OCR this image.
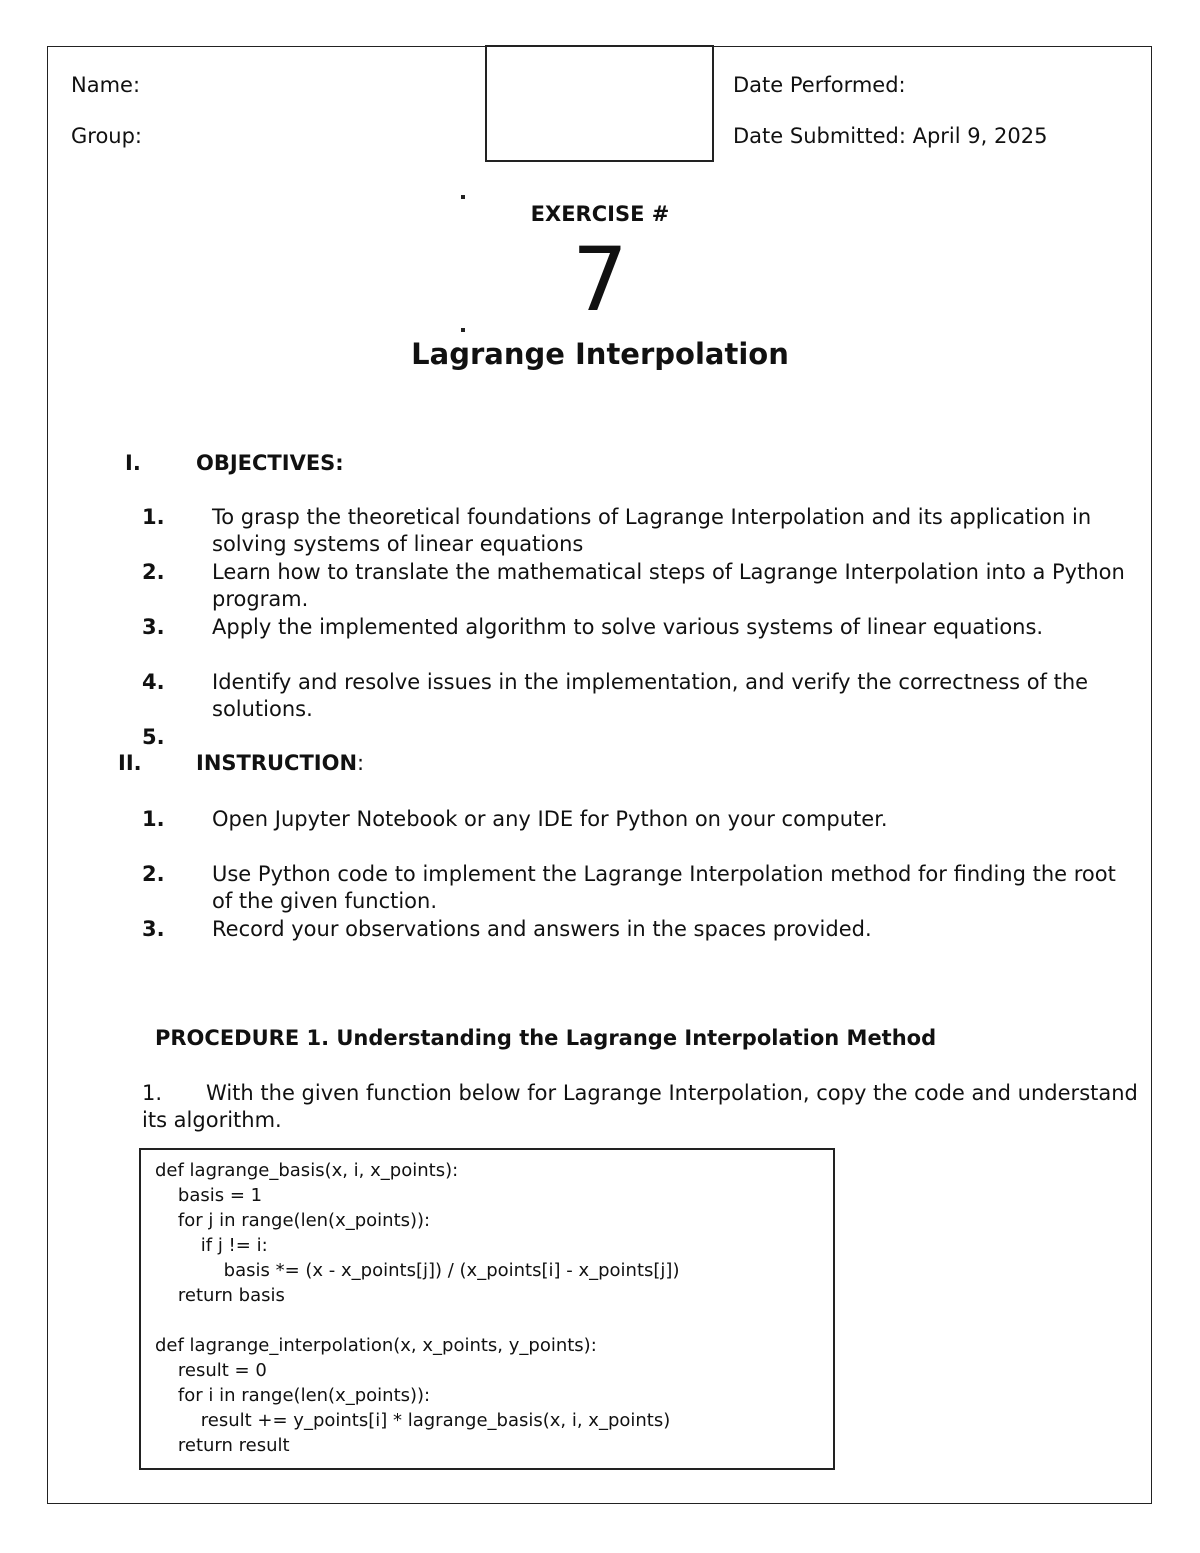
Name:
Group:
Date Performed:
Date Submitted: April 9, 2025
EXERCISE #
7
Lagrange Interpolation
I.	OBJECTIVES:
1. To grasp the theoretical foundations of Lagrange Interpolation and its application in solving systems of linear equations
2. Learn how to translate the mathematical steps of Lagrange Interpolation into a Python program.
3. Apply the implemented algorithm to solve various systems of linear equations.
4. Identify and resolve issues in the implementation, and verify the correctness of the solutions.
5.
II.	INSTRUCTION:
1. Open Jupyter Notebook or any IDE for Python on your computer.
2. Use Python code to implement the Lagrange Interpolation method for finding the root of the given function.
3. Record your observations and answers in the spaces provided.
PROCEDURE 1. Understanding the Lagrange Interpolation Method
1. With the given function below for Lagrange Interpolation, copy the code and understand its algorithm.
def lagrange_basis(x, i, x_points):
basis = 1
for j in range(len(x_points)):
if j != i:
basis *= (x - x_points[j]) / (x_points[i] - x_points[j])
return basis
def lagrange_interpolation(x, x_points, y_points):
result = 0
for i in range(len(x_points)):
result += y_points[i] * lagrange_basis(x, i, x_points)
return result
